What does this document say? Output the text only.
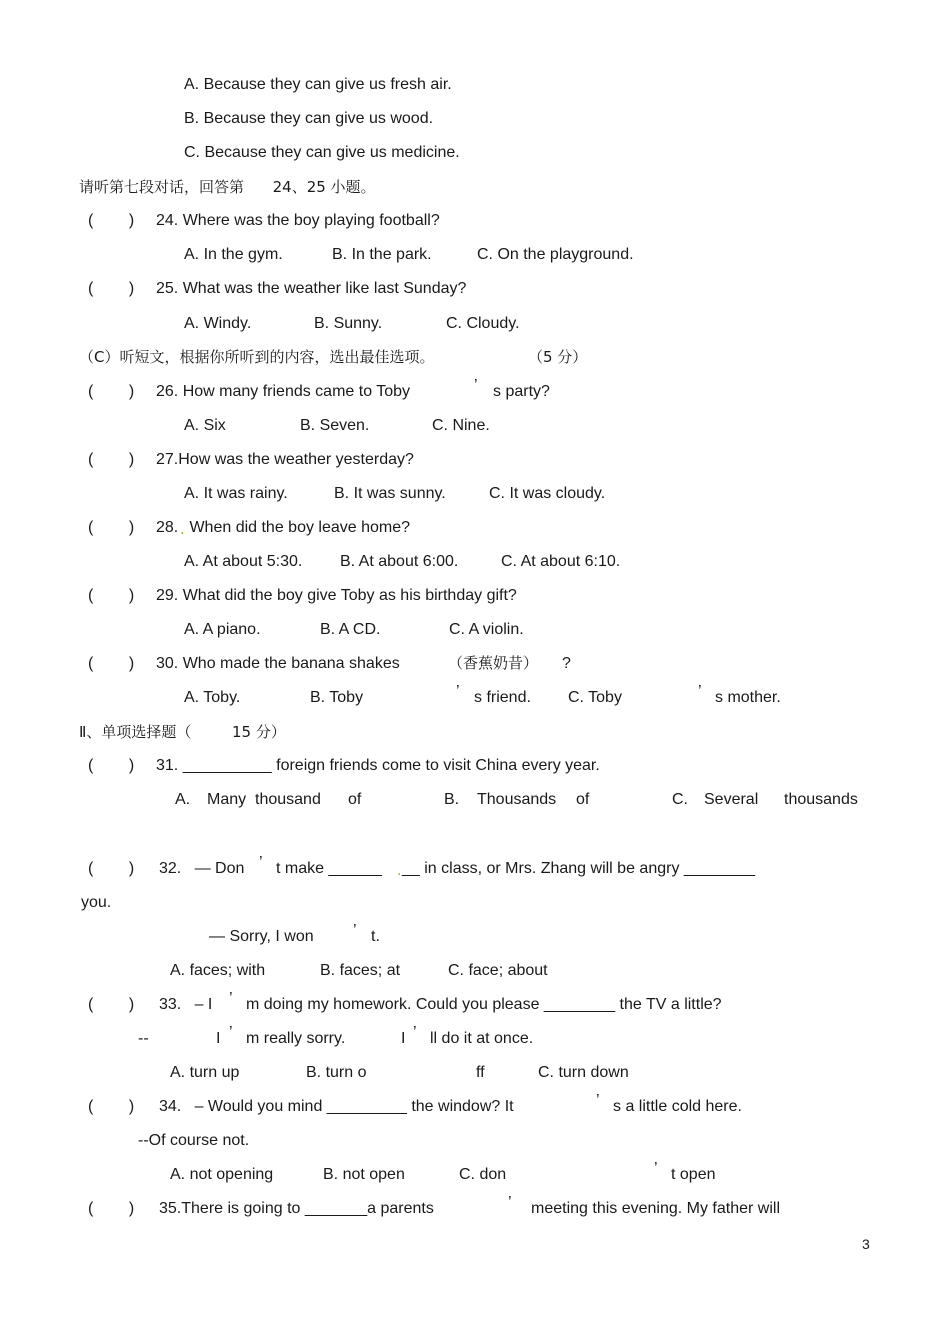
A. Because they can give us fresh air.
B. Because they can give us wood.
C. Because they can give us medicine.
请听第七段对话，回答第      24、25 小题。
(        ) 24. Where was the boy playing football?
A. In the gym.	B. In the park.	C. On the playground.
(        ) 25. What was the weather like last Sunday?
A. Windy.	B. Sunny.	C. Cloudy.
（C）听短文，根据你所听到的内容，选出最佳选项。	（5 分）
(        ) 26. How many friends came to Toby	’ s party?
A. Six	B. Seven.	C. Nine.
(        ) 27.How was the weather yesterday?
A. It was rainy.	B. It was sunny.	C. It was cloudy.
(        ) 28. . When did the boy leave home?
A. At about 5:30. B. At about 6:00.	C. At about 6:10.
(        ) 29. What did the boy give Toby as his birthday gift?
A. A piano.	B. A CD.	C. A violin.
(        ) 30. Who made the banana shakes	（香蕉奶昔） ?
A. Toby.	B. Toby	’ s friend. C. Toby	’ s mother.
Ⅱ、单项选择题（	15 分）
(        ) 31. __________ foreign friends come to visit China every year.
A. Many  thousand of	B. Thousands of	C. Several thousands
(        ) 32.   — Don ’ t make ______ . __ in class, or Mrs. Zhang will be angry ________
you.
— Sorry, I won ’ t.
A. faces; with	B. faces; at	C. face; about
(        ) 33.   – I ’ m doing my homework. Could you please ________ the TV a little?
--	I ’ m really sorry.	I ’ ll do it at once.
A. turn up	B. turn o	ff	C. turn down
(        ) 34.   – Would you mind _________ the window? It	’ s a little cold here.
--Of course not.
A. not opening	B. not open	C. don	’ t open
(        ) 35.There is going to _______a parents	’ meeting this evening. My father will
3
